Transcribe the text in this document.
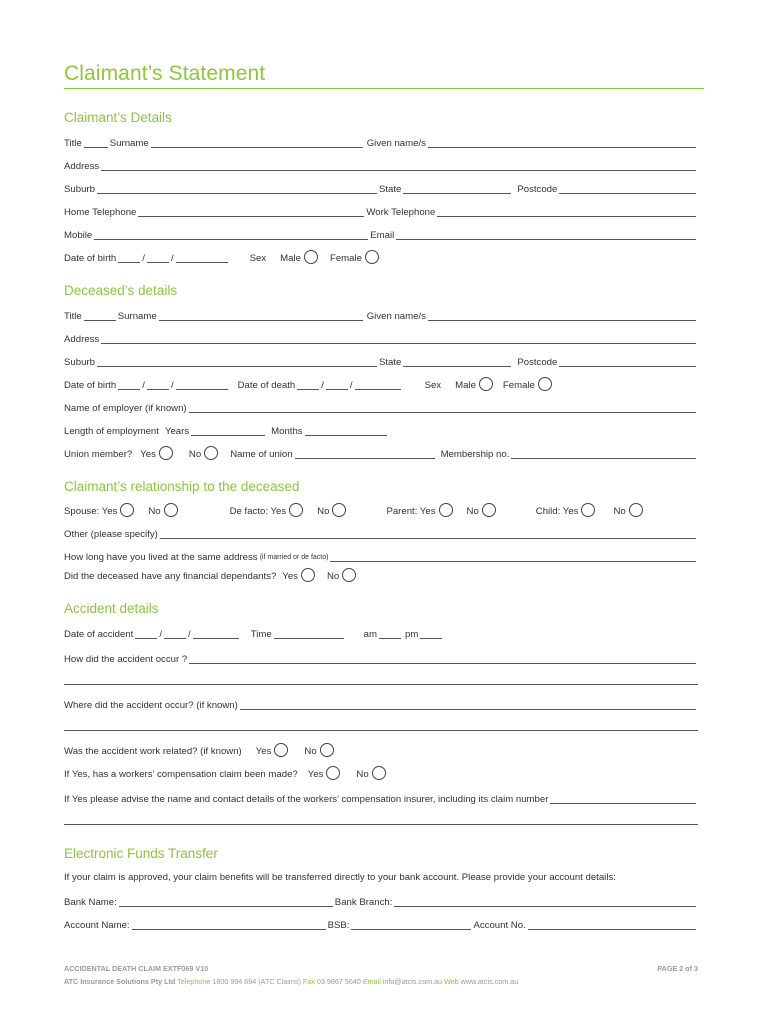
Claimant’s Statement
Claimant’s Details
Title	Surname	Given name/s
Address
Suburb	State	Postcode
Home Telephone	Work Telephone
Mobile	Email
Date of birth	/	/	Sex Male	Female
Deceased’s details
Title	Surname	Given name/s
Address
Suburb	State	Postcode
Date of birth	/	/	Date of death	/	/	Sex Male	Female
Name of employer (if known)
Length of employment Years	Months
Union member? Yes	No	Name of union	Membership no.
Claimant’s relationship to the deceased
Spouse: Yes	No	De facto: Yes	No	Parent: Yes	No	Child: Yes	No
Other (please specify)
How long have you lived at the same address (if married or de facto)
Did the deceased have any financial dependants? Yes	No
Accident details
Date of accident	/	/	Time	am	pm
How did the accident occur ?
Where did the accident occur? (if known)
Was the accident work related? (if known) Yes	No
If Yes, has a workers’ compensation claim been made? Yes	No
If Yes please advise the name and contact details of the workers’ compensation insurer, including its claim number
Electronic Funds Transfer
If your claim is approved, your claim benefits will be transferred directly to your bank account. Please provide your account details:
Bank Name:	Bank Branch:
Account Name:	BSB:	Account No.
ACCIDENTAL DEATH CLAIM EXTF069 V10	PAGE 2 of 3
ATC Insurance Solutions Pty Ltd Telephone 1800 994 694 (ATC Claims) Fax 03 9867 5640 Email info@atcis.com.au Web www.atcis.com.au
